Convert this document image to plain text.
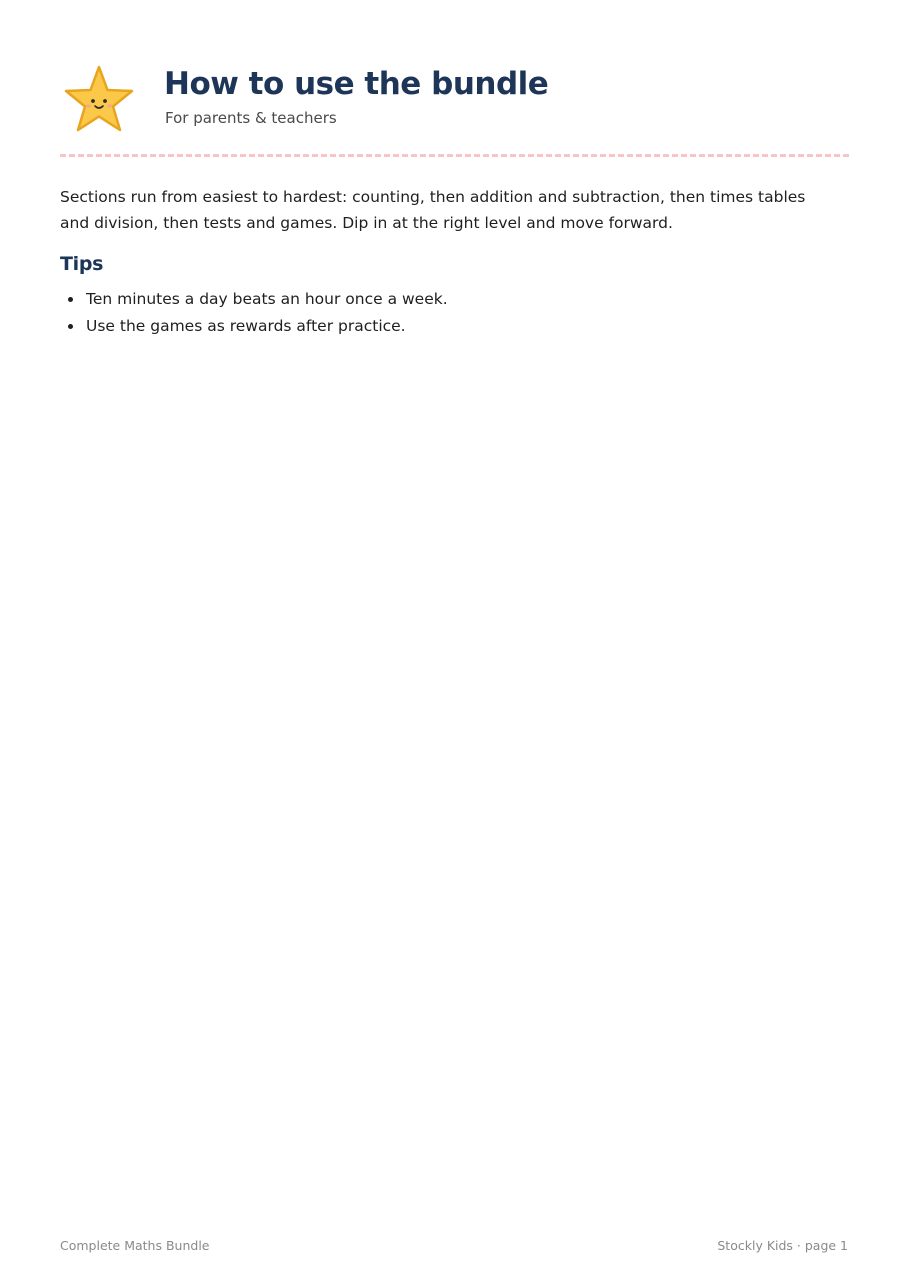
How to use the bundle
For parents & teachers

Sections run from easiest to hardest: counting, then addition and subtraction, then times tables and division, then tests and games. Dip in at the right level and move forward.

Tips
Ten minutes a day beats an hour once a week.
Use the games as rewards after practice.
Complete Maths Bundle	Stockly Kids · page 1
